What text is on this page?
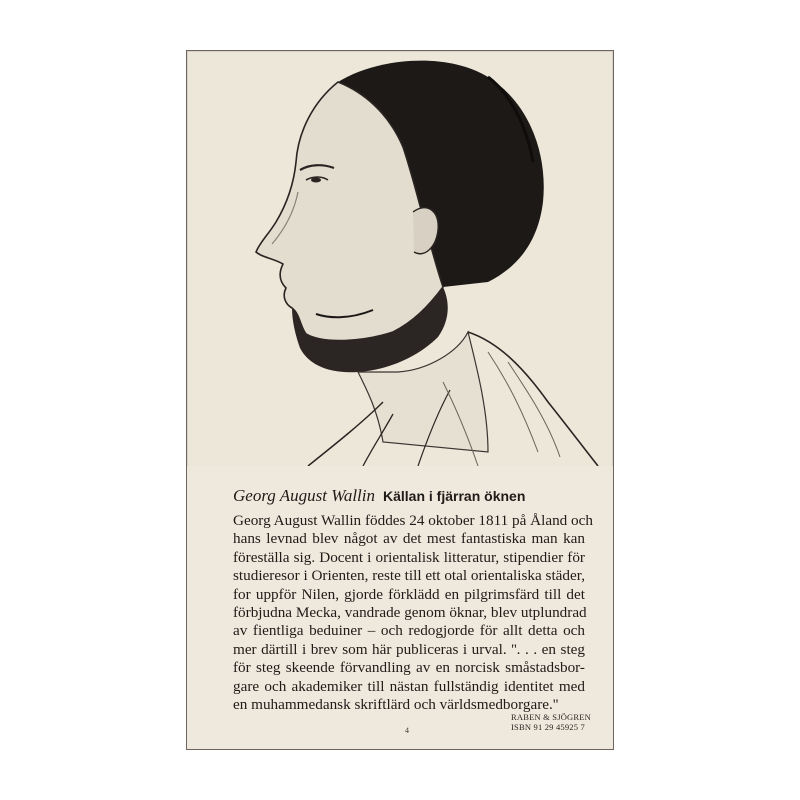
Georg August Wallin Källan i fjärran öknen
Georg August Wallin föddes 24 oktober 1811 på Åland och
hans levnad blev något av det mest fantastiska man kan
föreställa sig. Docent i orientalisk litteratur, stipendier för
studieresor i Orienten, reste till ett otal orientaliska städer,
for uppför Nilen, gjorde förklädd en pilgrimsfärd till det
förbjudna Mecka, vandrade genom öknar, blev utplundrad
av fientliga beduiner – och redogjorde för allt detta och
mer därtill i brev som här publiceras i urval. ''. . . en steg
för steg skeende förvandling av en norcisk småstadsbor-
gare och akademiker till nästan fullständig identitet med
en muhammedansk skriftlärd och världsmedborgare.''
4
RABEN & SJÖGREN
ISBN 91 29 45925 7
